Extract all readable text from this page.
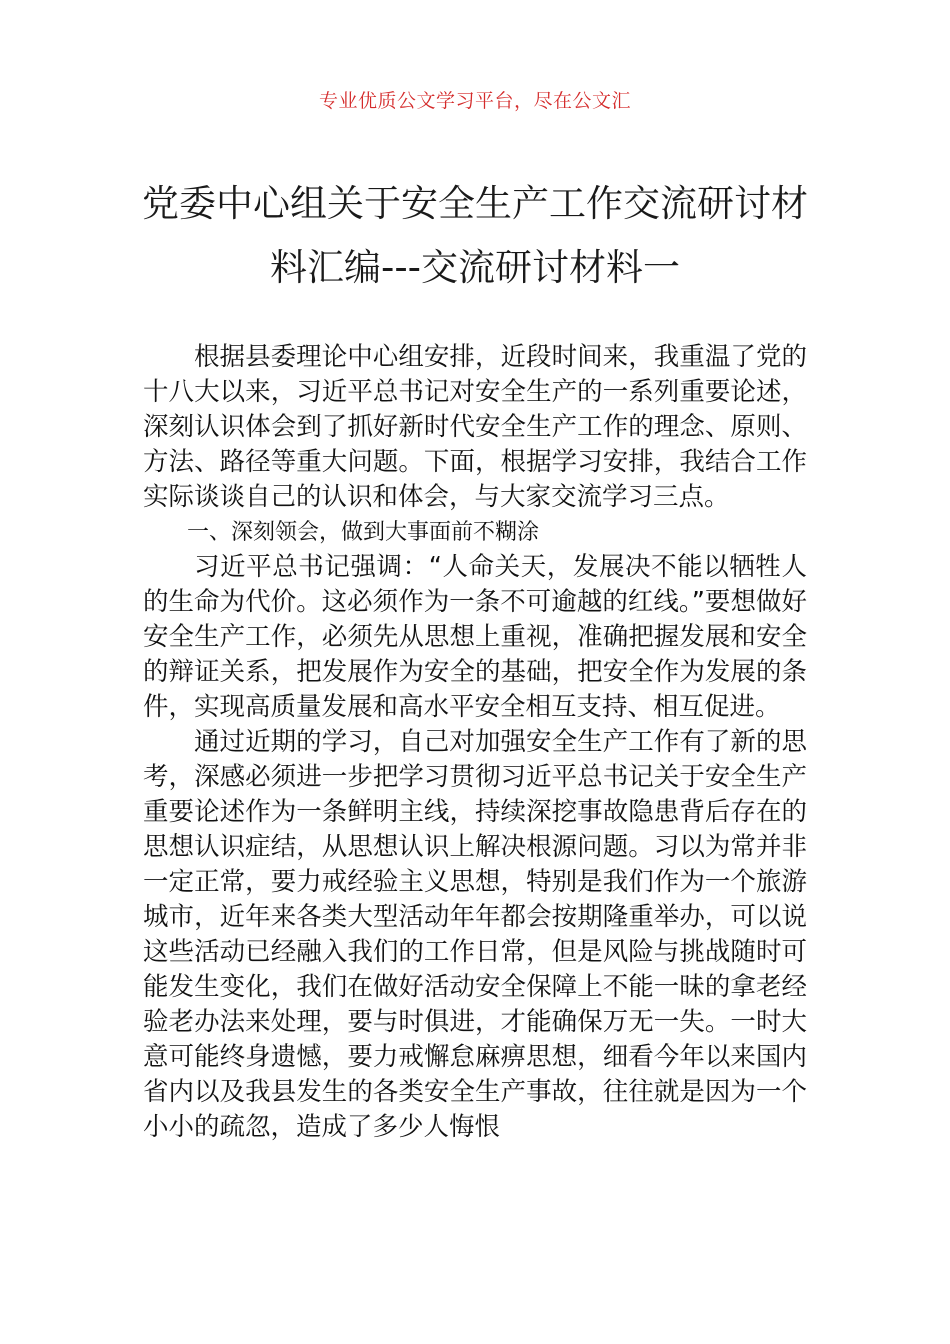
专业优质公文学习平台，尽在公文汇
党委中心组关于安全生产工作交流研讨材料汇编---交流研讨材料一

根据县委理论中心组安排，近段时间来，我重温了党的十八大以来，习近平总书记对安全生产的一系列重要论述，深刻认识体会到了抓好新时代安全生产工作的理念、原则、方法、路径等重大问题。下面，根据学习安排，我结合工作实际谈谈自己的认识和体会，与大家交流学习三点。

一、深刻领会，做到大事面前不糊涂

习近平总书记强调：“人命关天，发展决不能以牺牲人的生命为代价。这必须作为一条不可逾越的红线。”要想做好安全生产工作，必须先从思想上重视，准确把握发展和安全的辩证关系，把发展作为安全的基础，把安全作为发展的条件，实现高质量发展和高水平安全相互支持、相互促进。

通过近期的学习，自己对加强安全生产工作有了新的思考，深感必须进一步把学习贯彻习近平总书记关于安全生产重要论述作为一条鲜明主线，持续深挖事故隐患背后存在的思想认识症结，从思想认识上解决根源问题。习以为常并非一定正常，要力戒经验主义思想，特别是我们作为一个旅游城市，近年来各类大型活动年年都会按期隆重举办，可以说这些活动已经融入我们的工作日常，但是风险与挑战随时可能发生变化，我们在做好活动安全保障上不能一昧的拿老经验老办法来处理，要与时俱进，才能确保万无一失。一时大意可能终身遗憾，要力戒懈怠麻痹思想，细看今年以来国内省内以及我县发生的各类安全生产事故，往往就是因为一个小小的疏忽，造成了多少人悔恨
